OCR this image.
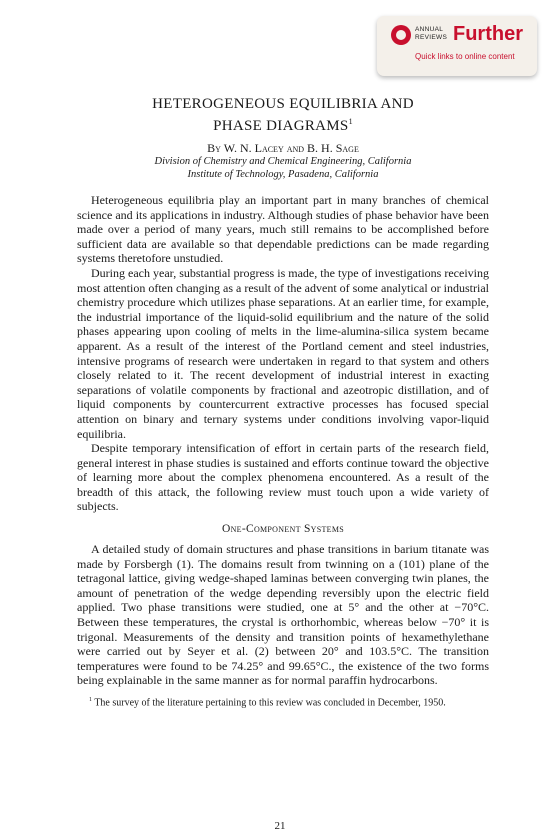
ANNUAL
REVIEWS Further
Quick links to online content
HETEROGENEOUS EQUILIBRIA AND
PHASE DIAGRAMS$^1$

By W. N. Lacey and B. H. Sage

Division of Chemistry and Chemical Engineering, California
Institute of Technology, Pasadena, California

Heterogeneous equilibria play an important part in many branches of chemical science and its applications in industry. Although studies of phase behavior have been made over a period of many years, much still remains to be accomplished before sufficient data are available so that dependable predictions can be made regarding systems theretofore unstudied.

During each year, substantial progress is made, the type of investigations receiving most attention often changing as a result of the advent of some analytical or industrial chemistry procedure which utilizes phase separations. At an earlier time, for example, the industrial importance of the liquid-solid equilibrium and the nature of the solid phases appearing upon cooling of melts in the lime-alumina-silica system became apparent. As a result of the interest of the Portland cement and steel industries, intensive programs of research were undertaken in regard to that system and others closely related to it. The recent development of industrial interest in exacting separations of volatile components by fractional and azeotropic distillation, and of liquid components by countercurrent extractive processes has focused special attention on binary and ternary systems under conditions involving vapor-liquid equilibria.

Despite temporary intensification of effort in certain parts of the research field, general interest in phase studies is sustained and efforts continue toward the objective of learning more about the complex phenomena encountered. As a result of the breadth of this attack, the following review must touch upon a wide variety of subjects.

One-Component Systems

A detailed study of domain structures and phase transitions in barium titanate was made by Forsbergh (1). The domains result from twinning on a (101) plane of the tetragonal lattice, giving wedge-shaped laminas between converging twin planes, the amount of penetration of the wedge depending reversibly upon the electric field applied. Two phase transitions were studied, one at 5° and the other at −70°C. Between these temperatures, the crystal is orthorhombic, whereas below −70° it is trigonal. Measurements of the density and transition points of hexamethylethane were carried out by Seyer et al. (2) between 20° and 103.5°C. The transition temperatures were found to be 74.25° and 99.65°C., the existence of the two forms being explainable in the same manner as for normal paraffin hydrocarbons.

$^1$ The survey of the literature pertaining to this review was concluded in December, 1950.
21
